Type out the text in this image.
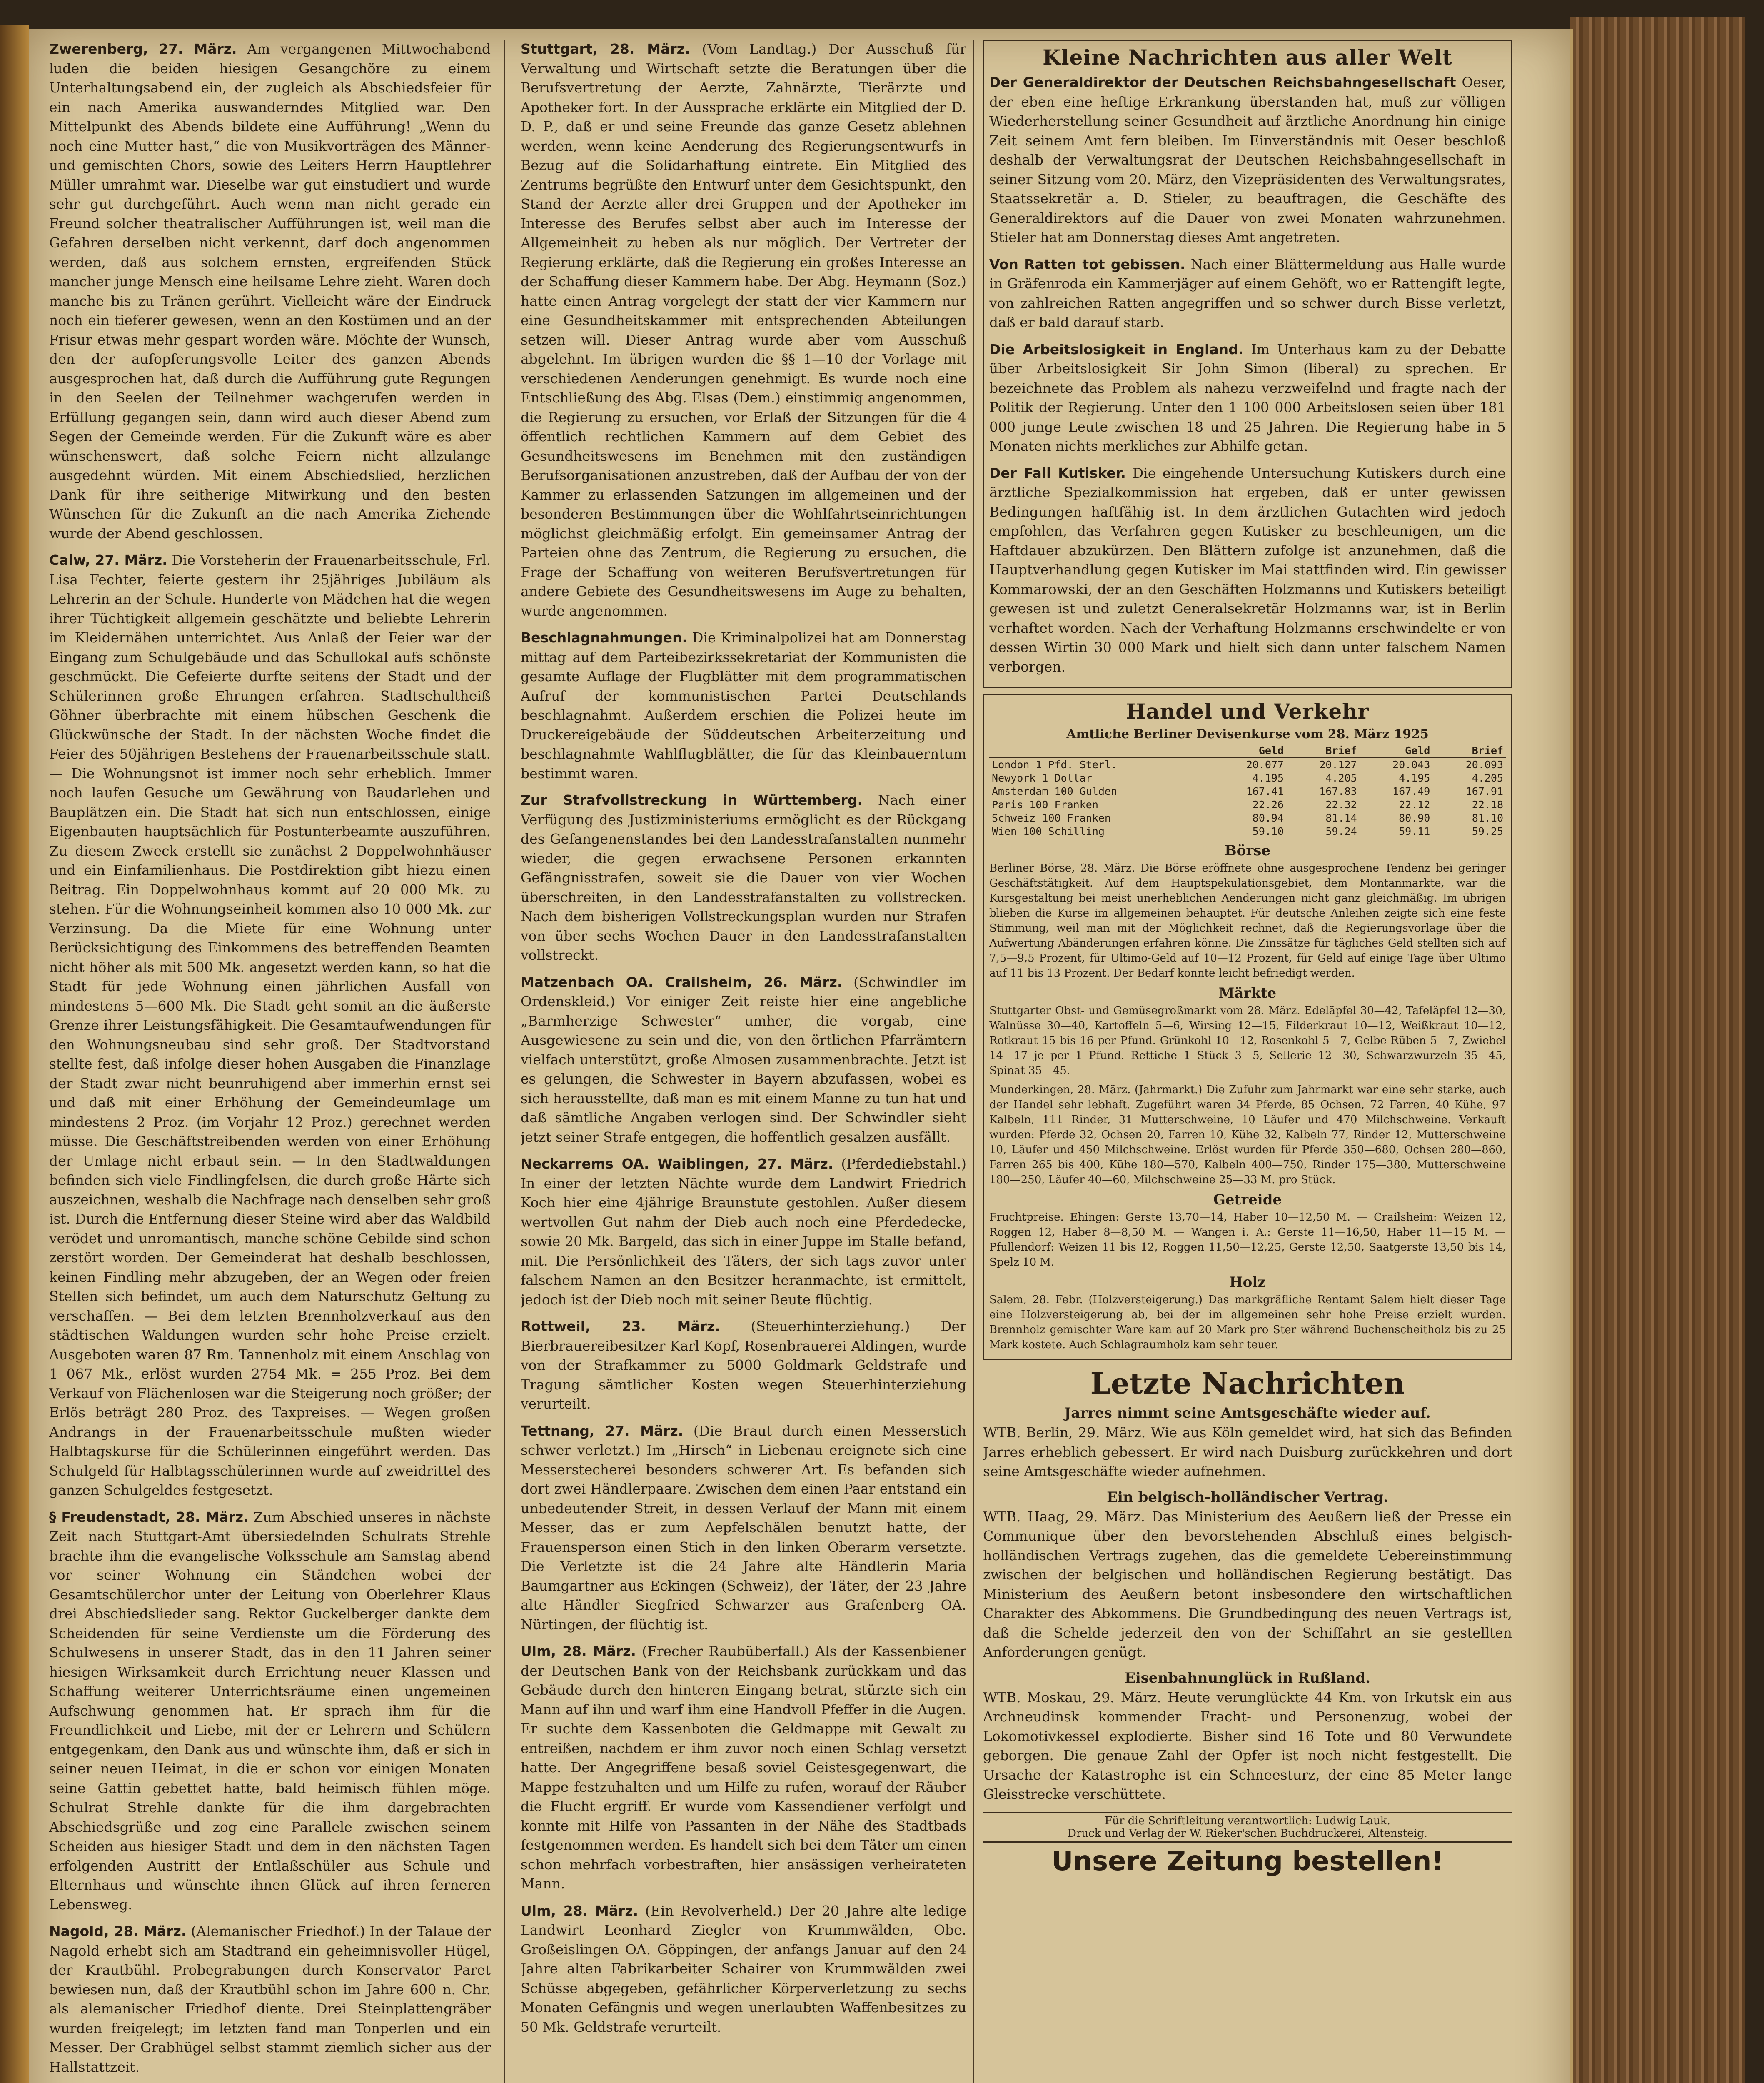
Zwerenberg, 27. März. Am vergangenen Mittwochabend luden die beiden hiesigen Gesangchöre zu einem Unterhaltungsabend ein, der zugleich als Abschiedsfeier für ein nach Amerika auswanderndes Mitglied war. Den Mittelpunkt des Abends bildete eine Aufführung! „Wenn du noch eine Mutter hast,“ die von Musikvorträgen des Männer- und gemischten Chors, sowie des Leiters Herrn Hauptlehrer Müller umrahmt war. Dieselbe war gut einstudiert und wurde sehr gut durchgeführt. Auch wenn man nicht gerade ein Freund solcher theatralischer Aufführungen ist, weil man die Gefahren derselben nicht verkennt, darf doch angenommen werden, daß aus solchem ernsten, ergreifenden Stück mancher junge Mensch eine heilsame Lehre zieht. Waren doch manche bis zu Tränen gerührt. Vielleicht wäre der Eindruck noch ein tieferer gewesen, wenn an den Kostümen und an der Frisur etwas mehr gespart worden wäre. Möchte der Wunsch, den der aufopferungsvolle Leiter des ganzen Abends ausgesprochen hat, daß durch die Aufführung gute Regungen in den Seelen der Teilnehmer wachgerufen werden in Erfüllung gegangen sein, dann wird auch dieser Abend zum Segen der Gemeinde werden. Für die Zukunft wäre es aber wünschenswert, daß solche Feiern nicht allzulange ausgedehnt würden. Mit einem Abschiedslied, herzlichen Dank für ihre seitherige Mitwirkung und den besten Wünschen für die Zukunft an die nach Amerika Ziehende wurde der Abend geschlossen.

Calw, 27. März. Die Vorsteherin der Frauenarbeitsschule, Frl. Lisa Fechter, feierte gestern ihr 25jähriges Jubiläum als Lehrerin an der Schule. Hunderte von Mädchen hat die wegen ihrer Tüchtigkeit allgemein geschätzte und beliebte Lehrerin im Kleidernähen unterrichtet. Aus Anlaß der Feier war der Eingang zum Schulgebäude und das Schullokal aufs schönste geschmückt. Die Gefeierte durfte seitens der Stadt und der Schülerinnen große Ehrungen erfahren. Stadtschultheiß Göhner überbrachte mit einem hübschen Geschenk die Glückwünsche der Stadt. In der nächsten Woche findet die Feier des 50jährigen Bestehens der Frauenarbeitsschule statt. — Die Wohnungsnot ist immer noch sehr erheblich. Immer noch laufen Gesuche um Gewährung von Baudarlehen und Bauplätzen ein. Die Stadt hat sich nun entschlossen, einige Eigenbauten hauptsächlich für Postunterbeamte auszuführen. Zu diesem Zweck erstellt sie zunächst 2 Doppelwohnhäuser und ein Einfamilienhaus. Die Postdirektion gibt hiezu einen Beitrag. Ein Doppelwohnhaus kommt auf 20 000 Mk. zu stehen. Für die Wohnungseinheit kommen also 10 000 Mk. zur Verzinsung. Da die Miete für eine Wohnung unter Berücksichtigung des Einkommens des betreffenden Beamten nicht höher als mit 500 Mk. angesetzt werden kann, so hat die Stadt für jede Wohnung einen jährlichen Ausfall von mindestens 5—600 Mk. Die Stadt geht somit an die äußerste Grenze ihrer Leistungsfähigkeit. Die Gesamtaufwendungen für den Wohnungsneubau sind sehr groß. Der Stadtvorstand stellte fest, daß infolge dieser hohen Ausgaben die Finanzlage der Stadt zwar nicht beunruhigend aber immerhin ernst sei und daß mit einer Erhöhung der Gemeindeumlage um mindestens 2 Proz. (im Vorjahr 12 Proz.) gerechnet werden müsse. Die Geschäftstreibenden werden von einer Erhöhung der Umlage nicht erbaut sein. — In den Stadtwaldungen befinden sich viele Findlingfelsen, die durch große Härte sich auszeichnen, weshalb die Nachfrage nach denselben sehr groß ist. Durch die Entfernung dieser Steine wird aber das Waldbild verödet und unromantisch, manche schöne Gebilde sind schon zerstört worden. Der Gemeinderat hat deshalb beschlossen, keinen Findling mehr abzugeben, der an Wegen oder freien Stellen sich befindet, um auch dem Naturschutz Geltung zu verschaffen. — Bei dem letzten Brennholzverkauf aus den städtischen Waldungen wurden sehr hohe Preise erzielt. Ausgeboten waren 87 Rm. Tannenholz mit einem Anschlag von 1 067 Mk., erlöst wurden 2754 Mk. = 255 Proz. Bei dem Verkauf von Flächenlosen war die Steigerung noch größer; der Erlös beträgt 280 Proz. des Taxpreises. — Wegen großen Andrangs in der Frauenarbeitsschule mußten wieder Halbtagskurse für die Schülerinnen eingeführt werden. Das Schulgeld für Halbtagsschülerinnen wurde auf zweidrittel des ganzen Schulgeldes festgesetzt.

§ Freudenstadt, 28. März. Zum Abschied unseres in nächste Zeit nach Stuttgart-Amt übersiedelnden Schulrats Strehle brachte ihm die evangelische Volksschule am Samstag abend vor seiner Wohnung ein Ständchen wobei der Gesamtschülerchor unter der Leitung von Oberlehrer Klaus drei Abschiedslieder sang. Rektor Guckelberger dankte dem Scheidenden für seine Verdienste um die Förderung des Schulwesens in unserer Stadt, das in den 11 Jahren seiner hiesigen Wirksamkeit durch Errichtung neuer Klassen und Schaffung weiterer Unterrichtsräume einen ungemeinen Aufschwung genommen hat. Er sprach ihm für die Freundlichkeit und Liebe, mit der er Lehrern und Schülern entgegenkam, den Dank aus und wünschte ihm, daß er sich in seiner neuen Heimat, in die er schon vor einigen Monaten seine Gattin gebettet hatte, bald heimisch fühlen möge. Schulrat Strehle dankte für die ihm dargebrachten Abschiedsgrüße und zog eine Parallele zwischen seinem Scheiden aus hiesiger Stadt und dem in den nächsten Tagen erfolgenden Austritt der Entlaßschüler aus Schule und Elternhaus und wünschte ihnen Glück auf ihren ferneren Lebensweg.

Nagold, 28. März. (Alemanischer Friedhof.) In der Talaue der Nagold erhebt sich am Stadtrand ein geheimnisvoller Hügel, der Krautbühl. Probegrabungen durch Konservator Paret bewiesen nun, daß der Krautbühl schon im Jahre 600 n. Chr. als alemanischer Friedhof diente. Drei Steinplattengräber wurden freigelegt; im letzten fand man Tonperlen und ein Messer. Der Grabhügel selbst stammt ziemlich sicher aus der Hallstattzeit.

Stuttgart, 28. März. (Vom Landtag.) Der Ausschuß für Verwaltung und Wirtschaft setzte die Beratungen über die Berufsvertretung der Aerzte, Zahnärzte, Tierärzte und Apotheker fort. In der Aussprache erklärte ein Mitglied der D. D. P., daß er und seine Freunde das ganze Gesetz ablehnen werden, wenn keine Aenderung des Regierungsentwurfs in Bezug auf die Solidarhaftung eintrete. Ein Mitglied des Zentrums begrüßte den Entwurf unter dem Gesichtspunkt, den Stand der Aerzte aller drei Gruppen und der Apotheker im Interesse des Berufes selbst aber auch im Interesse der Allgemeinheit zu heben als nur möglich. Der Vertreter der Regierung erklärte, daß die Regierung ein großes Interesse an der Schaffung dieser Kammern habe. Der Abg. Heymann (Soz.) hatte einen Antrag vorgelegt der statt der vier Kammern nur eine Gesundheitskammer mit entsprechenden Abteilungen setzen will. Dieser Antrag wurde aber vom Ausschuß abgelehnt. Im übrigen wurden die §§ 1—10 der Vorlage mit verschiedenen Aenderungen genehmigt. Es wurde noch eine Entschließung des Abg. Elsas (Dem.) einstimmig angenommen, die Regierung zu ersuchen, vor Erlaß der Sitzungen für die 4 öffentlich rechtlichen Kammern auf dem Gebiet des Gesundheitswesens im Benehmen mit den zuständigen Berufsorganisationen anzustreben, daß der Aufbau der von der Kammer zu erlassenden Satzungen im allgemeinen und der besonderen Bestimmungen über die Wohlfahrtseinrichtungen möglichst gleichmäßig erfolgt. Ein gemeinsamer Antrag der Parteien ohne das Zentrum, die Regierung zu ersuchen, die Frage der Schaffung von weiteren Berufsvertretungen für andere Gebiete des Gesundheitswesens im Auge zu behalten, wurde angenommen.

Beschlagnahmungen. Die Kriminalpolizei hat am Donnerstag mittag auf dem Parteibezirkssekretariat der Kommunisten die gesamte Auflage der Flugblätter mit dem programmatischen Aufruf der kommunistischen Partei Deutschlands beschlagnahmt. Außerdem erschien die Polizei heute im Druckereigebäude der Süddeutschen Arbeiterzeitung und beschlagnahmte Wahlflugblätter, die für das Kleinbauerntum bestimmt waren.

Zur Strafvollstreckung in Württemberg. Nach einer Verfügung des Justizministeriums ermöglicht es der Rückgang des Gefangenenstandes bei den Landesstrafanstalten nunmehr wieder, die gegen erwachsene Personen erkannten Gefängnisstrafen, soweit sie die Dauer von vier Wochen überschreiten, in den Landesstrafanstalten zu vollstrecken. Nach dem bisherigen Vollstreckungsplan wurden nur Strafen von über sechs Wochen Dauer in den Landesstrafanstalten vollstreckt.

Matzenbach OA. Crailsheim, 26. März. (Schwindler im Ordenskleid.) Vor einiger Zeit reiste hier eine angebliche „Barmherzige Schwester“ umher, die vorgab, eine Ausgewiesene zu sein und die, von den örtlichen Pfarrämtern vielfach unterstützt, große Almosen zusammenbrachte. Jetzt ist es gelungen, die Schwester in Bayern abzufassen, wobei es sich herausstellte, daß man es mit einem Manne zu tun hat und daß sämtliche Angaben verlogen sind. Der Schwindler sieht jetzt seiner Strafe entgegen, die hoffentlich gesalzen ausfällt.

Neckarrems OA. Waiblingen, 27. März. (Pferdediebstahl.) In einer der letzten Nächte wurde dem Landwirt Friedrich Koch hier eine 4jährige Braunstute gestohlen. Außer diesem wertvollen Gut nahm der Dieb auch noch eine Pferdedecke, sowie 20 Mk. Bargeld, das sich in einer Juppe im Stalle befand, mit. Die Persönlichkeit des Täters, der sich tags zuvor unter falschem Namen an den Besitzer heranmachte, ist ermittelt, jedoch ist der Dieb noch mit seiner Beute flüchtig.

Rottweil, 23. März. (Steuerhinterziehung.) Der Bierbrauereibesitzer Karl Kopf, Rosenbrauerei Aldingen, wurde von der Strafkammer zu 5000 Goldmark Geldstrafe und Tragung sämtlicher Kosten wegen Steuerhinterziehung verurteilt.

Tettnang, 27. März. (Die Braut durch einen Messerstich schwer verletzt.) Im „Hirsch“ in Liebenau ereignete sich eine Messerstecherei besonders schwerer Art. Es befanden sich dort zwei Händlerpaare. Zwischen dem einen Paar entstand ein unbedeutender Streit, in dessen Verlauf der Mann mit einem Messer, das er zum Aepfelschälen benutzt hatte, der Frauensperson einen Stich in den linken Oberarm versetzte. Die Verletzte ist die 24 Jahre alte Händlerin Maria Baumgartner aus Eckingen (Schweiz), der Täter, der 23 Jahre alte Händler Siegfried Schwarzer aus Grafenberg OA. Nürtingen, der flüchtig ist.

Ulm, 28. März. (Frecher Raubüberfall.) Als der Kassenbiener der Deutschen Bank von der Reichsbank zurückkam und das Gebäude durch den hinteren Eingang betrat, stürzte sich ein Mann auf ihn und warf ihm eine Handvoll Pfeffer in die Augen. Er suchte dem Kassenboten die Geldmappe mit Gewalt zu entreißen, nachdem er ihm zuvor noch einen Schlag versetzt hatte. Der Angegriffene besaß soviel Geistesgegenwart, die Mappe festzuhalten und um Hilfe zu rufen, worauf der Räuber die Flucht ergriff. Er wurde vom Kassendiener verfolgt und konnte mit Hilfe von Passanten in der Nähe des Stadtbads festgenommen werden. Es handelt sich bei dem Täter um einen schon mehrfach vorbestraften, hier ansässigen verheirateten Mann.

Ulm, 28. März. (Ein Revolverheld.) Der 20 Jahre alte ledige Landwirt Leonhard Ziegler von Krummwälden, Obe. Großeislingen OA. Göppingen, der anfangs Januar auf den 24 Jahre alten Fabrikarbeiter Schairer von Krummwälden zwei Schüsse abgegeben, gefährlicher Körperverletzung zu sechs Monaten Gefängnis und wegen unerlaubten Waffenbesitzes zu 50 Mk. Geldstrafe verurteilt.

Kleine Nachrichten aus aller Welt

Der Generaldirektor der Deutschen Reichsbahngesellschaft Oeser, der eben eine heftige Erkrankung überstanden hat, muß zur völligen Wiederherstellung seiner Gesundheit auf ärztliche Anordnung hin einige Zeit seinem Amt fern bleiben. Im Einverständnis mit Oeser beschloß deshalb der Verwaltungsrat der Deutschen Reichsbahngesellschaft in seiner Sitzung vom 20. März, den Vizepräsidenten des Verwaltungsrates, Staatssekretär a. D. Stieler, zu beauftragen, die Geschäfte des Generaldirektors auf die Dauer von zwei Monaten wahrzunehmen. Stieler hat am Donnerstag dieses Amt angetreten.

Von Ratten tot gebissen. Nach einer Blättermeldung aus Halle wurde in Gräfenroda ein Kammerjäger auf einem Gehöft, wo er Rattengift legte, von zahlreichen Ratten angegriffen und so schwer durch Bisse verletzt, daß er bald darauf starb.

Die Arbeitslosigkeit in England. Im Unterhaus kam zu der Debatte über Arbeitslosigkeit Sir John Simon (liberal) zu sprechen. Er bezeichnete das Problem als nahezu verzweifelnd und fragte nach der Politik der Regierung. Unter den 1 100 000 Arbeitslosen seien über 181 000 junge Leute zwischen 18 und 25 Jahren. Die Regierung habe in 5 Monaten nichts merkliches zur Abhilfe getan.

Der Fall Kutisker. Die eingehende Untersuchung Kutiskers durch eine ärztliche Spezialkommission hat ergeben, daß er unter gewissen Bedingungen haftfähig ist. In dem ärztlichen Gutachten wird jedoch empfohlen, das Verfahren gegen Kutisker zu beschleunigen, um die Haftdauer abzukürzen. Den Blättern zufolge ist anzunehmen, daß die Hauptverhandlung gegen Kutisker im Mai stattfinden wird. Ein gewisser Kommarowski, der an den Geschäften Holzmanns und Kutiskers beteiligt gewesen ist und zuletzt Generalsekretär Holzmanns war, ist in Berlin verhaftet worden. Nach der Verhaftung Holzmanns erschwindelte er von dessen Wirtin 30 000 Mark und hielt sich dann unter falschem Namen verborgen.

Handel und Verkehr
Amtliche Berliner Devisenkurse vom 28. März 1925
	Geld	Brief	Geld	Brief
London 1 Pfd. Sterl.	20.077	20.127	20.043	20.093
Newyork 1 Dollar	4.195	4.205	4.195	4.205
Amsterdam 100 Gulden	167.41	167.83	167.49	167.91
Paris 100 Franken	22.26	22.32	22.12	22.18
Schweiz 100 Franken	80.94	81.14	80.90	81.10
Wien 100 Schilling	59.10	59.24	59.11	59.25
Börse

Berliner Börse, 28. März. Die Börse eröffnete ohne ausgesprochene Tendenz bei geringer Geschäftstätigkeit. Auf dem Hauptspekulationsgebiet, dem Montanmarkte, war die Kursgestaltung bei meist unerheblichen Aenderungen nicht ganz gleichmäßig. Im übrigen blieben die Kurse im allgemeinen behauptet. Für deutsche Anleihen zeigte sich eine feste Stimmung, weil man mit der Möglichkeit rechnet, daß die Regierungsvorlage über die Aufwertung Abänderungen erfahren könne. Die Zinssätze für tägliches Geld stellten sich auf 7,5—9,5 Prozent, für Ultimo-Geld auf 10—12 Prozent, für Geld auf einige Tage über Ultimo auf 11 bis 13 Prozent. Der Bedarf konnte leicht befriedigt werden.

Märkte

Stuttgarter Obst- und Gemüsegroßmarkt vom 28. März. Edeläpfel 30—42, Tafeläpfel 12—30, Walnüsse 30—40, Kartoffeln 5—6, Wirsing 12—15, Filderkraut 10—12, Weißkraut 10—12, Rotkraut 15 bis 16 per Pfund. Grünkohl 10—12, Rosenkohl 5—7, Gelbe Rüben 5—7, Zwiebel 14—17 je per 1 Pfund. Rettiche 1 Stück 3—5, Sellerie 12—30, Schwarzwurzeln 35—45, Spinat 35—45.

Munderkingen, 28. März. (Jahrmarkt.) Die Zufuhr zum Jahrmarkt war eine sehr starke, auch der Handel sehr lebhaft. Zugeführt waren 34 Pferde, 85 Ochsen, 72 Farren, 40 Kühe, 97 Kalbeln, 111 Rinder, 31 Mutterschweine, 10 Läufer und 470 Milchschweine. Verkauft wurden: Pferde 32, Ochsen 20, Farren 10, Kühe 32, Kalbeln 77, Rinder 12, Mutterschweine 10, Läufer und 450 Milchschweine. Erlöst wurden für Pferde 350—680, Ochsen 280—860, Farren 265 bis 400, Kühe 180—570, Kalbeln 400—750, Rinder 175—380, Mutterschweine 180—250, Läufer 40—60, Milchschweine 25—33 M. pro Stück.

Getreide

Fruchtpreise. Ehingen: Gerste 13,70—14, Haber 10—12,50 M. — Crailsheim: Weizen 12, Roggen 12, Haber 8—8,50 M. — Wangen i. A.: Gerste 11—16,50, Haber 11—15 M. — Pfullendorf: Weizen 11 bis 12, Roggen 11,50—12,25, Gerste 12,50, Saatgerste 13,50 bis 14, Spelz 10 M.

Holz

Salem, 28. Febr. (Holzversteigerung.) Das markgräfliche Rentamt Salem hielt dieser Tage eine Holzversteigerung ab, bei der im allgemeinen sehr hohe Preise erzielt wurden. Brennholz gemischter Ware kam auf 20 Mark pro Ster während Buchenscheitholz bis zu 25 Mark kostete. Auch Schlagraumholz kam sehr teuer.

Letzte Nachrichten
Jarres nimmt seine Amtsgeschäfte wieder auf.

WTB. Berlin, 29. März. Wie aus Köln gemeldet wird, hat sich das Befinden Jarres erheblich gebessert. Er wird nach Duisburg zurückkehren und dort seine Amtsgeschäfte wieder aufnehmen.

Ein belgisch-holländischer Vertrag.

WTB. Haag, 29. März. Das Ministerium des Aeußern ließ der Presse ein Communique über den bevorstehenden Abschluß eines belgisch-holländischen Vertrags zugehen, das die gemeldete Uebereinstimmung zwischen der belgischen und holländischen Regierung bestätigt. Das Ministerium des Aeußern betont insbesondere den wirtschaftlichen Charakter des Abkommens. Die Grundbedingung des neuen Vertrags ist, daß die Schelde jederzeit den von der Schiffahrt an sie gestellten Anforderungen genügt.

Eisenbahnunglück in Rußland.

WTB. Moskau, 29. März. Heute verunglückte 44 Km. von Irkutsk ein aus Archneudinsk kommender Fracht- und Personenzug, wobei der Lokomotivkessel explodierte. Bisher sind 16 Tote und 80 Verwundete geborgen. Die genaue Zahl der Opfer ist noch nicht festgestellt. Die Ursache der Katastrophe ist ein Schneesturz, der eine 85 Meter lange Gleisstrecke verschüttete.

Für die Schriftleitung verantwortlich: Ludwig Lauk.
Druck und Verlag der W. Rieker'schen Buchdruckerei, Altensteig.
Unsere Zeitung bestellen!
